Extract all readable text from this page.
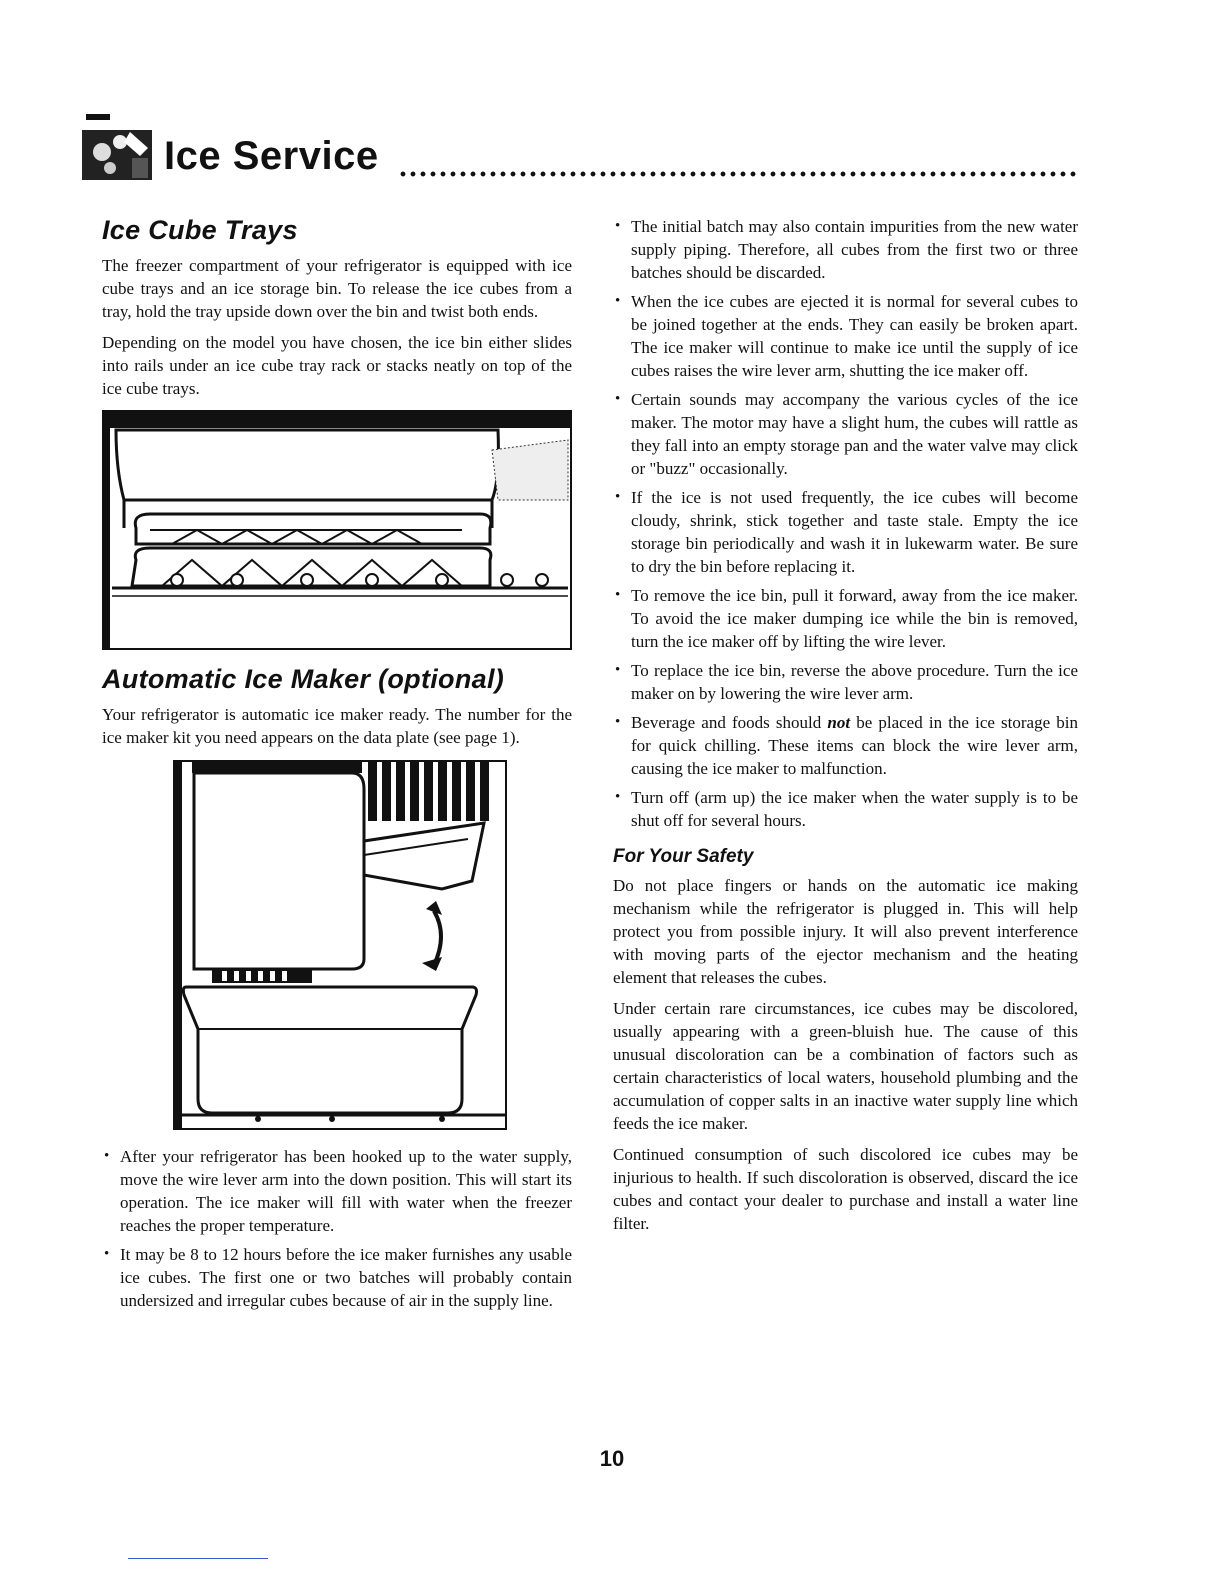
Ice Service
Ice Cube Trays

The freezer compartment of your refrigerator is equipped with ice cube trays and an ice storage bin. To release the ice cubes from a tray, hold the tray upside down over the bin and twist both ends.

Depending on the model you have chosen, the ice bin either slides into rails under an ice cube tray rack or stacks neatly on top of the ice cube trays.

Automatic Ice Maker (optional)

Your refrigerator is automatic ice maker ready. The number for the ice maker kit you need appears on the data plate (see page 1).

• After your refrigerator has been hooked up to the water supply, move the wire lever arm into the down position. This will start its operation. The ice maker will fill with water when the freezer reaches the proper temperature.
• It may be 8 to 12 hours before the ice maker furnishes any usable ice cubes. The first one or two batches will probably contain undersized and irregular cubes because of air in the supply line.
• The initial batch may also contain impurities from the new water supply piping. Therefore, all cubes from the first two or three batches should be discarded.
• When the ice cubes are ejected it is normal for several cubes to be joined together at the ends. They can easily be broken apart. The ice maker will continue to make ice until the supply of ice cubes raises the wire lever arm, shutting the ice maker off.
• Certain sounds may accompany the various cycles of the ice maker. The motor may have a slight hum, the cubes will rattle as they fall into an empty storage pan and the water valve may click or "buzz" occasionally.
• If the ice is not used frequently, the ice cubes will become cloudy, shrink, stick together and taste stale. Empty the ice storage bin periodically and wash it in lukewarm water. Be sure to dry the bin before replacing it.
• To remove the ice bin, pull it forward, away from the ice maker. To avoid the ice maker dumping ice while the bin is removed, turn the ice maker off by lifting the wire lever.
• To replace the ice bin, reverse the above procedure. Turn the ice maker on by lowering the wire lever arm.
• Beverage and foods should not be placed in the ice storage bin for quick chilling. These items can block the wire lever arm, causing the ice maker to malfunction.
• Turn off (arm up) the ice maker when the water supply is to be shut off for several hours.
For Your Safety

Do not place fingers or hands on the automatic ice making mechanism while the refrigerator is plugged in. This will help protect you from possible injury. It will also prevent interference with moving parts of the ejector mechanism and the heating element that releases the cubes.

Under certain rare circumstances, ice cubes may be discolored, usually appearing with a green-bluish hue. The cause of this unusual discoloration can be a combination of factors such as certain characteristics of local waters, household plumbing and the accumulation of copper salts in an inactive water supply line which feeds the ice maker.

Continued consumption of such discolored ice cubes may be injurious to health. If such discoloration is observed, discard the ice cubes and contact your dealer to purchase and install a water line filter.

10
